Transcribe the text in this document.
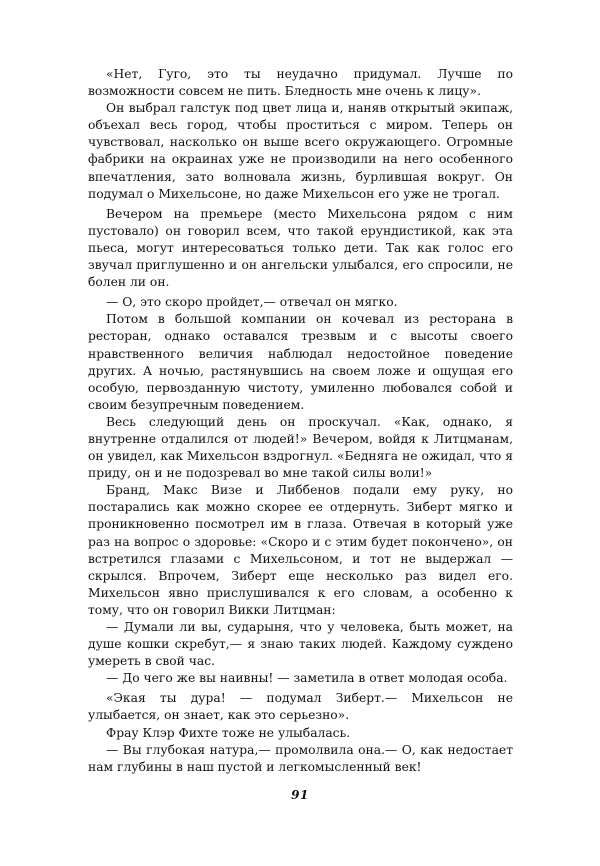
«Нет, Гуго, это ты неудачно придумал. Лучше по возможности совсем не пить. Бледность мне очень к лицу».

Он выбрал галстук под цвет лица и, наняв открытый экипаж, объехал весь город, чтобы проститься с миром. Теперь он чувствовал, насколько он выше всего окружающего. Огромные фабрики на окраинах уже не производили на него особенного впечатления, зато волновала жизнь, бурлившая вокруг. Он подумал о Михельсоне, но даже Михельсон его уже не трогал.

Вечером на премьере (место Михельсона рядом с ним пустовало) он говорил всем, что такой ерундистикой, как эта пьеса, могут интересоваться только дети. Так как голос его звучал приглушенно и он ангельски улыбался, его спросили, не болен ли он.

— О, это скоро пройдет,— отвечал он мягко.

Потом в большой компании он кочевал из ресторана в ресторан, однако оставался трезвым и с высоты своего нравственного величия наблюдал недостойное поведение других. А ночью, растянувшись на своем ложе и ощущая его особую, первозданную чистоту, умиленно любовался собой и своим безупречным поведением.

Весь следующий день он проскучал. «Как, однако, я внутренне отдалился от людей!» Вечером, войдя к Литцманам, он увидел, как Михельсон вздрогнул. «Бедняга не ожидал, что я приду, он и не подозревал во мне такой силы воли!»

Бранд, Макс Визе и Либбенов подали ему руку, но постарались как можно скорее ее отдернуть. Зиберт мягко и проникновенно посмотрел им в глаза. Отвечая в который уже раз на вопрос о здоровье: «Скоро и с этим будет покончено», он встретился глазами с Михельсоном, и тот не выдержал — скрылся. Впрочем, Зиберт еще несколько раз видел его. Михельсон явно прислушивался к его словам, а особенно к тому, что он говорил Викки Литцман:

— Думали ли вы, сударыня, что у человека, быть может, на душе кошки скребут,— я знаю таких людей. Каждому суждено умереть в свой час.

— До чего же вы наивны! — заметила в ответ молодая особа.

«Экая ты дура! — подумал Зиберт.— Михельсон не улыбается, он знает, как это серьезно».

Фрау Клэр Фихте тоже не улыбалась.

— Вы глубокая натура,— промолвила она.— О, как недостает нам глубины в наш пустой и легкомысленный век!

91
